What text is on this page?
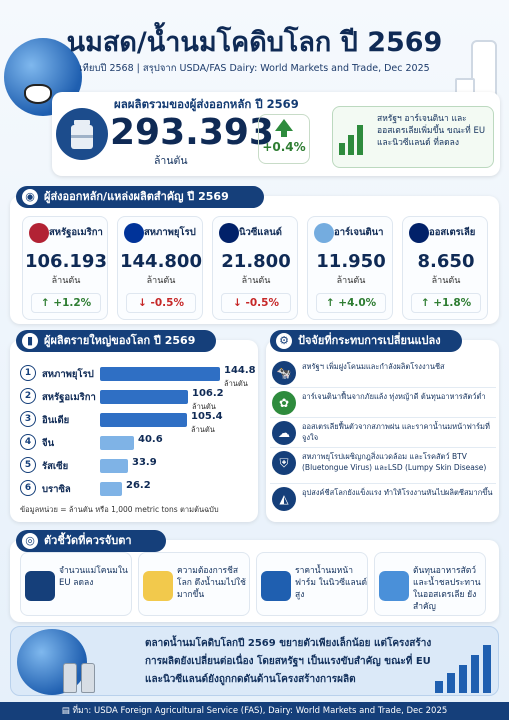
นมสด/น้ำนมโคดิบโลก ปี 2569
เทียบปี 2568 | สรุปจาก USDA/FAS Dairy: World Markets and Trade, Dec 2025
ผลผลิตรวมของผู้ส่งออกหลัก ปี 2569
293.393
ล้านตัน
+0.4%
สหรัฐฯ อาร์เจนตินา และออสเตรเลียเพิ่มขึ้น ขณะที่ EU และนิวซีแลนด์ ที่ลดลง
สหรัฐอเมริกา
106.193
ล้านตัน
↑ +1.2%
สหภาพยุโรป
144.800
ล้านตัน
↓ -0.5%
นิวซีแลนด์
21.800
ล้านตัน
↓ -0.5%
อาร์เจนตินา
11.950
ล้านตัน
↑ +4.0%
ออสเตรเลีย
8.650
ล้านตัน
↑ +1.8%
◉ ผู้ส่งออกหลัก/แหล่งผลิตสำคัญ ปี 2569
1	สหภาพยุโรป	144.8
ล้านตัน
2	สหรัฐอเมริกา	106.2
ล้านตัน
3	อินเดีย	105.4
ล้านตัน
4	จีน	40.6
5	รัสเซีย	33.9
6	บราซิล	26.2
ข้อมูลหน่วย = ล้านตัน หรือ 1,000 metric tons ตามต้นฉบับ
▮ ผู้ผลิตรายใหญ่ของโลก ปี 2569
🐄	สหรัฐฯ เพิ่มฝูงโคนมและกำลังผลิตโรงงานชีส
✿	อาร์เจนตินาฟื้นจากภัยแล้ง ทุ่งหญ้าดี ต้นทุนอาหารสัตว์ต่ำ
☁	ออสเตรเลียฟื้นตัวจากสภาพฝน และราคาน้ำนมหน้าฟาร์มที่จูงใจ
⛨	สหภาพยุโรปเผชิญกฎสิ่งแวดล้อม และโรคสัตว์ BTV (Bluetongue Virus) และLSD (Lumpy Skin Disease)
◭	อุปสงค์ชีสโลกยังแข็งแรง ทำให้โรงงานหันไปผลิตชีสมากขึ้น
⚙ ปัจจัยที่กระทบการเปลี่ยนแปลง
จำนวนแม่โคนมใน EU ลดลง
ความต้องการชีสโลก ดึงน้ำนมไปใช้ มากขึ้น
ราคาน้ำนมหน้าฟาร์ม ในนิวซีแลนด์สูง
ต้นทุนอาหารสัตว์ และน้ำชลประทาน ในออสเตรเลีย ยังสำคัญ
◎ ตัวชี้วัดที่ควรจับตา
ตลาดน้ำนมโคดิบโลกปี 2569 ขยายตัวเพียงเล็กน้อย แต่โครงสร้างการผลิตยังเปลี่ยนต่อเนื่อง โดยสหรัฐฯ เป็นแรงขับสำคัญ ขณะที่ EU และนิวซีแลนด์ยังถูกกดดันด้านโครงสร้างการผลิต
▤ ที่มา: USDA Foreign Agricultural Service (FAS), Dairy: World Markets and Trade, Dec 2025
